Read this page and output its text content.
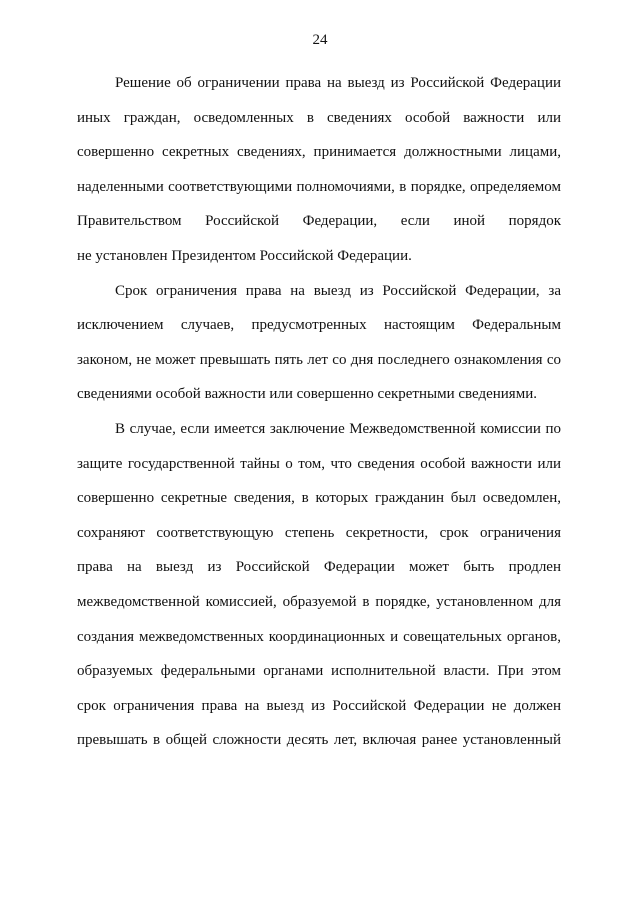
24

Решение об ограничении права на выезд из Российской Федерации
иных граждан, осведомленных в сведениях особой важности или
совершенно секретных сведениях, принимается должностными лицами,
наделенными соответствующими полномочиями, в порядке, определяемом
Правительством Российской Федерации, если иной порядок
не установлен Президентом Российской Федерации.

Срок ограничения права на выезд из Российской Федерации, за
исключением случаев, предусмотренных настоящим Федеральным
законом, не может превышать пять лет со дня последнего ознакомления со
сведениями особой важности или совершенно секретными сведениями.

В случае, если имеется заключение Межведомственной комиссии по
защите государственной тайны о том, что сведения особой важности или
совершенно секретные сведения, в которых гражданин был осведомлен,
сохраняют соответствующую степень секретности, срок ограничения
права на выезд из Российской Федерации может быть продлен
межведомственной комиссией, образуемой в порядке, установленном для
создания межведомственных координационных и совещательных органов,
образуемых федеральными органами исполнительной власти. При этом
срок ограничения права на выезд из Российской Федерации не должен
превышать в общей сложности десять лет, включая ранее установленный
